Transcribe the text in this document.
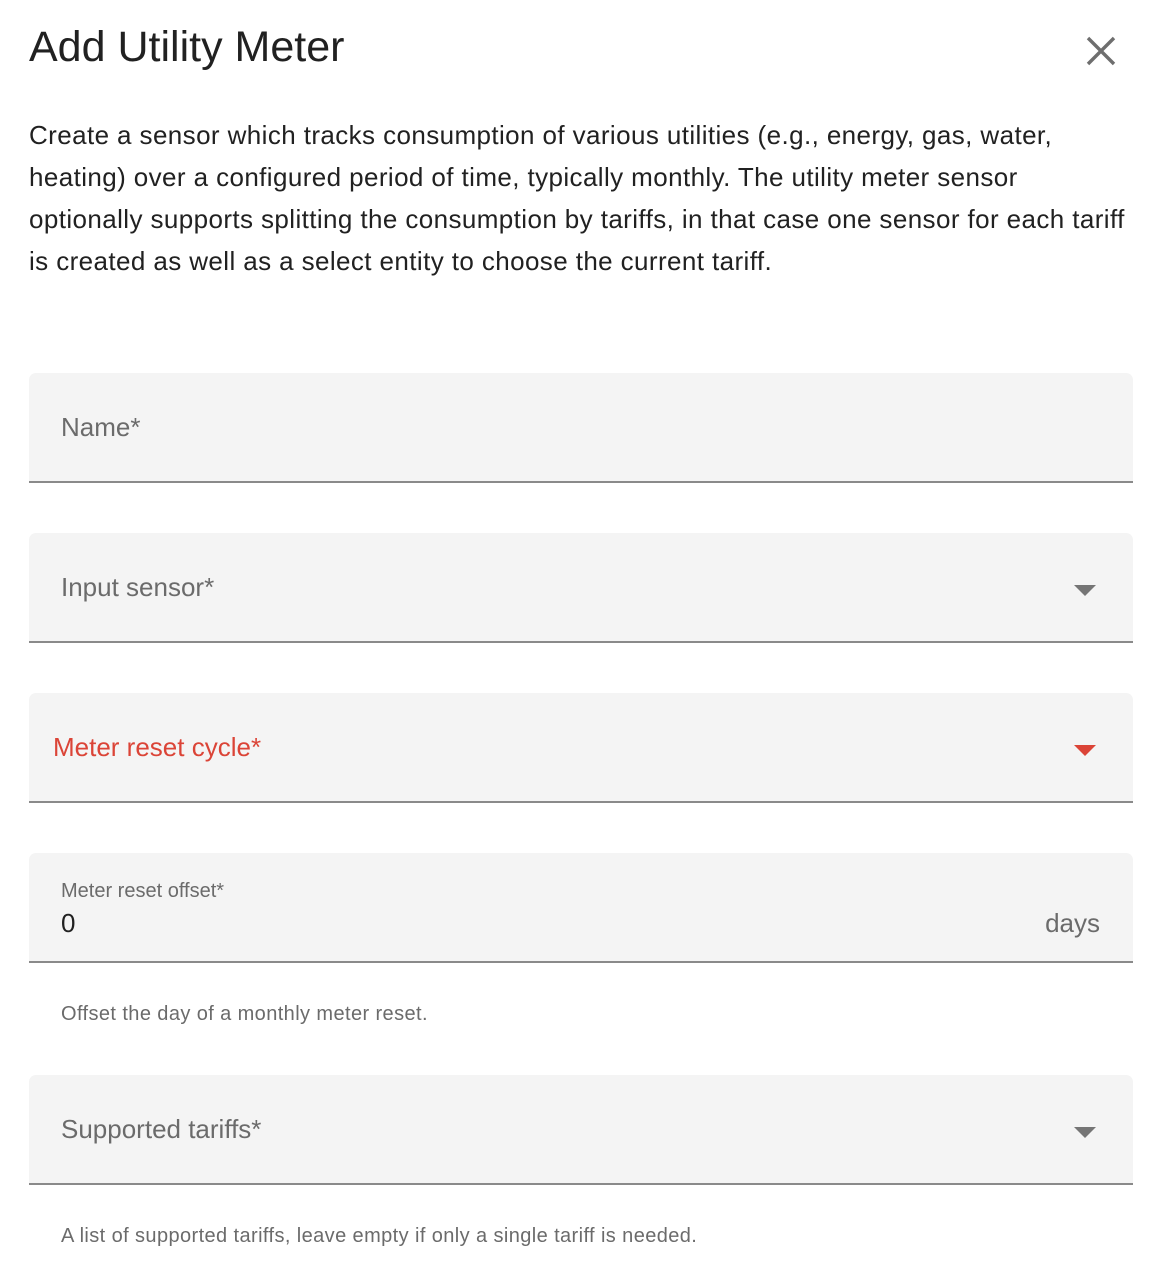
Add Utility Meter
Create a sensor which tracks consumption of various utilities (e.g., energy, gas, water, heating) over a configured period of time, typically monthly. The utility meter sensor optionally supports splitting the consumption by tariffs, in that case one sensor for each tariff is created as well as a select entity to choose the current tariff.
Name*
Input sensor*
Meter reset cycle*
Meter reset offset*
0
days
Offset the day of a monthly meter reset.
Supported tariffs*
A list of supported tariffs, leave empty if only a single tariff is needed.
